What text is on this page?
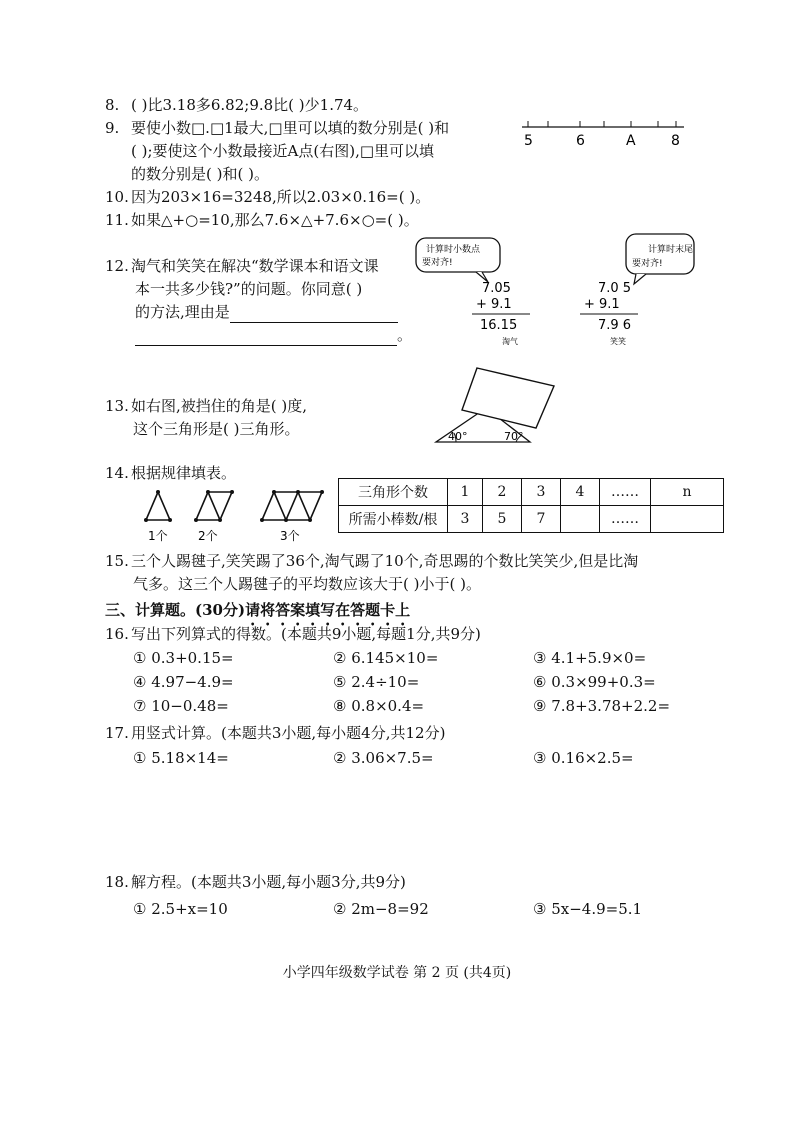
8. ( )比3.18多6.82;9.8比( )少1.74。
9. 要使小数□.□1最大,□里可以填的数分别是( )和
( );要使这个小数最接近A点(右图),□里可以填
的数分别是( )和( )。
5	6	A	8
10. 因为203×16=3248,所以2.03×0.16=( )。
11. 如果△+○=10,那么7.6×△+7.6×○=( )。
12. 淘气和笑笑在解决“数学课本和语文课
本一共多少钱?”的问题。你同意( )
的方法,理由是
。
计算时小数点
要对齐!
7.05
+ 9.1
16.15
淘气
计算时末尾
要对齐!
7.0 5
+ 9.1
7.9 6
笑笑
13. 如右图,被挡住的角是( )度,
这个三角形是( )三角形。	40°	70°
14. 根据规律填表。
1个	2个	3个
三角形个数	1	2	3	4	……	n
所需小棒数/根	3	5	7		……	
15. 三个人踢毽子,笑笑踢了36个,淘气踢了10个,奇思踢的个数比笑笑少,但是比淘
气多。这三个人踢毽子的平均数应该大于( )小于( )。
三、计算题。(30分)请将答案填写在答题卡上
16. 写出下列算式的得数。(本题共9小题,每题1分,共9分)
① 0.3+0.15=	② 6.145×10=	③ 4.1+5.9×0=
④ 4.97−4.9=	⑤ 2.4÷10=	⑥ 0.3×99+0.3=
⑦ 10−0.48=	⑧ 0.8×0.4=	⑨ 7.8+3.78+2.2=
17. 用竖式计算。(本题共3小题,每小题4分,共12分)
① 5.18×14=	② 3.06×7.5=	③ 0.16×2.5=
18. 解方程。(本题共3小题,每小题3分,共9分)
① 2.5+x=10	② 2m−8=92	③ 5x−4.9=5.1
小学四年级数学试卷 第 2 页 (共4页)
